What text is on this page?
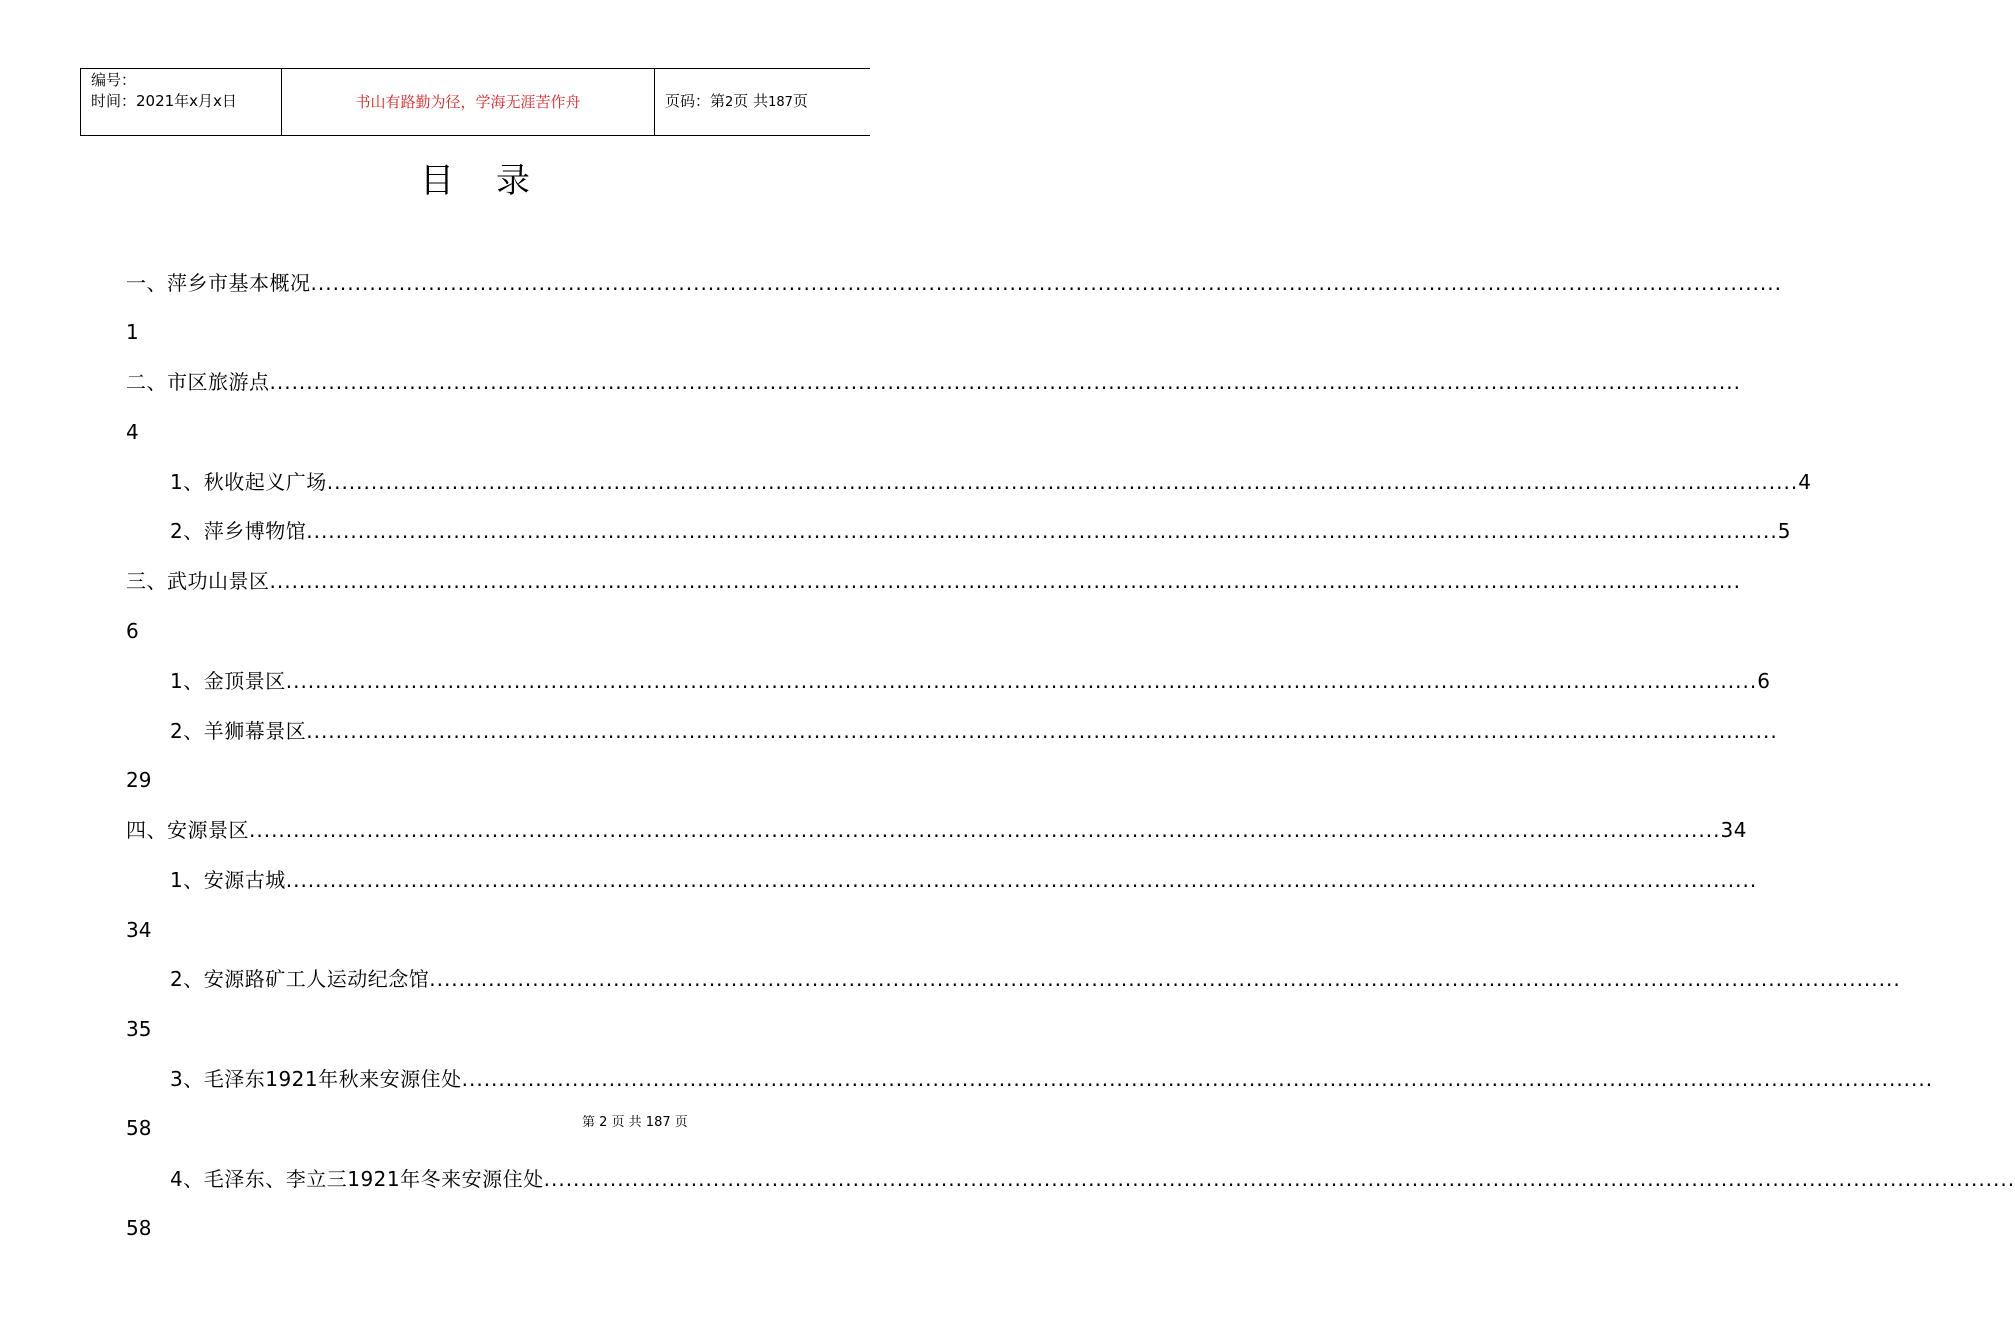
编号：
时间：2021年x月x日	书山有路勤为径，学海无涯苦作舟	页码：第2页 共187页
目录
一、萍乡市基本概况 ........................................................................................................................................................................................................
1
二、市区旅游点 ........................................................................................................................................................................................................
4
1、秋收起义广场 ........................................................................................................................................................................................................ 4
2、萍乡博物馆 ........................................................................................................................................................................................................ 5
三、武功山景区 ........................................................................................................................................................................................................
6
1、金顶景区 ........................................................................................................................................................................................................ 6
2、羊狮幕景区 ........................................................................................................................................................................................................
29
四、安源景区 ........................................................................................................................................................................................................ 34
1、安源古城 ........................................................................................................................................................................................................
34
2、安源路矿工人运动纪念馆 ........................................................................................................................................................................................................
35
3、毛泽东1921年秋来安源住处 ........................................................................................................................................................................................................
58
4、毛泽东、李立三1921年冬来安源住处 ........................................................................................................................................................................................................
58
第 2 页 共 187 页
